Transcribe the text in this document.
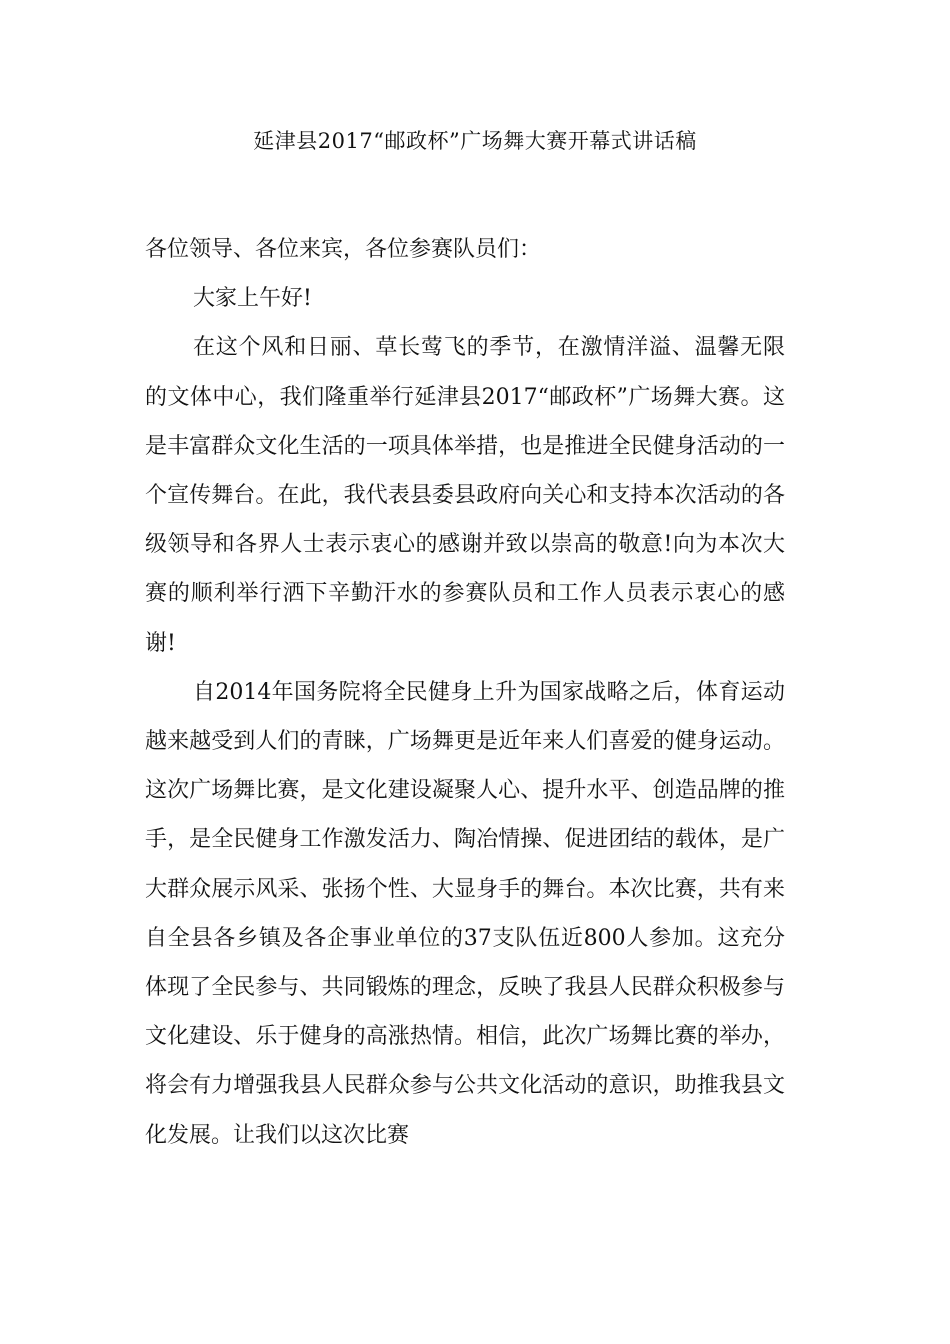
延津县2017“邮政杯”广场舞大赛开幕式讲话稿

各位领导、各位来宾，各位参赛队员们：

大家上午好!

在这个风和日丽、草长莺飞的季节，在激情洋溢、温馨无限的文体中心，我们隆重举行延津县2017“邮政杯”广场舞大赛。这是丰富群众文化生活的一项具体举措，也是推进全民健身活动的一个宣传舞台。在此，我代表县委县政府向关心和支持本次活动的各级领导和各界人士表示衷心的感谢并致以崇高的敬意!向为本次大赛的顺利举行洒下辛勤汗水的参赛队员和工作人员表示衷心的感谢!

自2014年国务院将全民健身上升为国家战略之后，体育运动越来越受到人们的青睐，广场舞更是近年来人们喜爱的健身运动。这次广场舞比赛，是文化建设凝聚人心、提升水平、创造品牌的推手，是全民健身工作激发活力、陶冶情操、促进团结的载体，是广大群众展示风采、张扬个性、大显身手的舞台。本次比赛，共有来自全县各乡镇及各企事业单位的37支队伍近800人参加。这充分体现了全民参与、共同锻炼的理念，反映了我县人民群众积极参与文化建设、乐于健身的高涨热情。相信，此次广场舞比赛的举办，将会有力增强我县人民群众参与公共文化活动的意识，助推我县文化发展。让我们以这次比赛
